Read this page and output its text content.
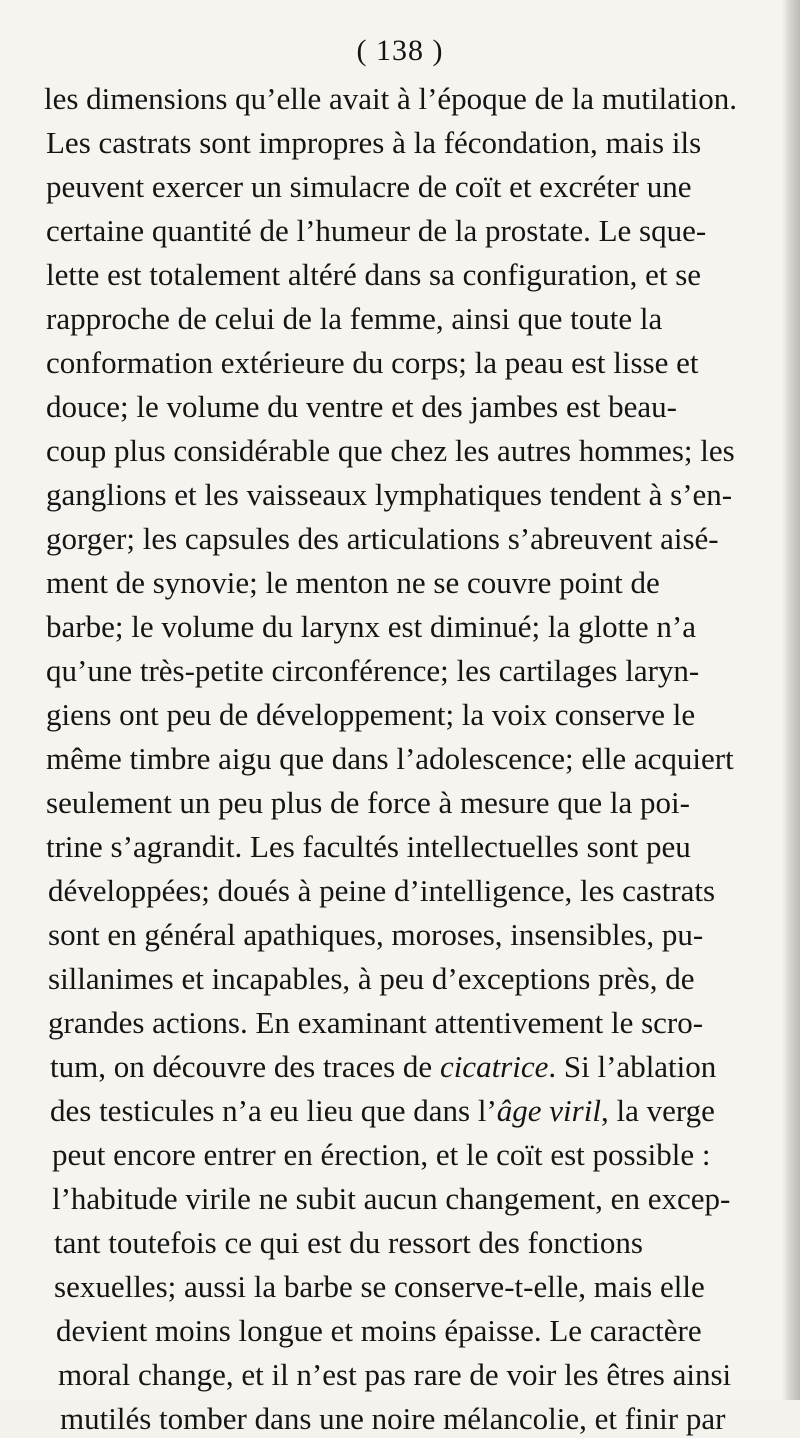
( 138 )
les dimensions qu’elle avait à l’époque de la mutilation.
Les castrats sont impropres à la fécondation, mais ils
peuvent exercer un simulacre de coït et excréter une
certaine quantité de l’humeur de la prostate. Le sque-
lette est totalement altéré dans sa configuration, et se
rapproche de celui de la femme, ainsi que toute la
conformation extérieure du corps; la peau est lisse et
douce; le volume du ventre et des jambes est beau-
coup plus considérable que chez les autres hommes; les
ganglions et les vaisseaux lymphatiques tendent à s’en-
gorger; les capsules des articulations s’abreuvent aisé-
ment de synovie; le menton ne se couvre point de
barbe; le volume du larynx est diminué; la glotte n’a
qu’une très-petite circonférence; les cartilages laryn-
giens ont peu de développement; la voix conserve le
même timbre aigu que dans l’adolescence; elle acquiert
seulement un peu plus de force à mesure que la poi-
trine s’agrandit. Les facultés intellectuelles sont peu
développées; doués à peine d’intelligence, les castrats
sont en général apathiques, moroses, insensibles, pu-
sillanimes et incapables, à peu d’exceptions près, de
grandes actions. En examinant attentivement le scro-
tum, on découvre des traces de cicatrice. Si l’ablation
des testicules n’a eu lieu que dans l’âge viril, la verge
peut encore entrer en érection, et le coït est possible :
l’habitude virile ne subit aucun changement, en excep-
tant toutefois ce qui est du ressort des fonctions
sexuelles; aussi la barbe se conserve-t-elle, mais elle
devient moins longue et moins épaisse. Le caractère
moral change, et il n’est pas rare de voir les êtres ainsi
mutilés tomber dans une noire mélancolie, et finir par
